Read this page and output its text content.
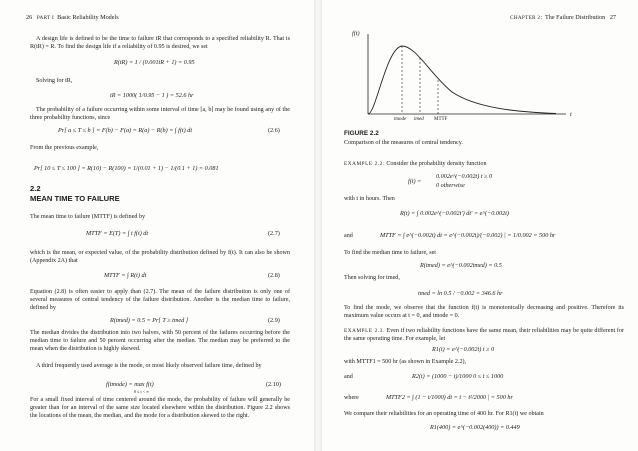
26 PART I Basic Reliability Models
A design life is defined to be the time to failure tR that corresponds to a specified reliability R. That is R(tR) = R. To find the design life if a reliability of 0.95 is desired, we set
R(tR) = 1 / (0.001tR + 1) = 0.95
Solving for tR,
tR = 1000( 1/0.95 − 1 ) = 52.6 hr
The probability of a failure occurring within some interval of time [a, b] may be found using any of the three probability functions, since
Pr[ a ≤ T ≤ b ] = F(b) − F(a) = R(a) − R(b) = ∫ f(t) dt	(2.6)
From the previous example,
Pr[ 10 ≤ T ≤ 100 ] = R(10) − R(100) = 1/(0.01 + 1) − 1/(0.1 + 1) = 0.081
2.2
MEAN TIME TO FAILURE
The mean time to failure (MTTF) is defined by
MTTF = E(T) = ∫ t f(t) dt	(2.7)
which is the mean, or expected value, of the probability distribution defined by f(t). It can also be shown (Appendix 2A) that
MTTF = ∫ R(t) dt	(2.8)
Equation (2.8) is often easier to apply than (2.7). The mean of the failure distribution is only one of several measures of central tendency of the failure distribution. Another is the median time to failure, defined by
R(tmed) = 0.5 = Pr[ T ≥ tmed ]	(2.9)
The median divides the distribution into two halves, with 50 percent of the failures occurring before the median time to failure and 50 percent occurring after the median. The median may be preferred to the mean when the distribution is highly skewed.
A third frequently used average is the mode, or most likely observed failure time, defined by
f(tmode) = max f(t)
0 ≤ t < ∞
(2.10)
For a small fixed interval of time centered around the mode, the probability of failure will generally be greater than for an interval of the same size located elsewhere within the distribution. Figure 2.2 shows the locations of the mean, the median, and the mode for a distribution skewed to the right.
CHAPTER 2:  The Failure Distribution 27
f(t)
t
tmode tmed MTTF
FIGURE 2.2
Comparison of the measures of central tendency.
EXAMPLE 2.2. Consider the probability density function
f(t) =
0.002e^(−0.002t) t ≥ 0
0 otherwise
with t in hours. Then
R(t) = ∫ 0.002e^(−0.002t′) dt′ = e^(−0.002t)
and	MTTF = ∫ e^(−0.002t) dt = e^(−0.002t)/(−0.002) | = 1/0.002 = 500 hr
To find the median time to failure, set
R(tmed) = e^(−0.002tmed) = 0.5
Then solving for tmed,
tmed = ln 0.5 / −0.002 = 346.6 hr
To find the mode, we observe that the function f(t) is monotonically decreasing and positive. Therefore its maximum value occurs at t = 0, and tmode = 0.
EXAMPLE 2.3. Even if two reliability functions have the same mean, their reliabilities may be quite different for the same operating time. For example, let
R1(t) = e^(−0.002t) t ≥ 0
with MTTF1 = 500 hr (as shown in Example 2.2),
and	R2(t) = (1000 − t)/1000 0 ≤ t ≤ 1000
where	MTTF2 = ∫ (1 − t/1000) dt = t − t²/2000 | = 500 hr
We compare their reliabilities for an operating time of 400 hr. For R1(t) we obtain
R1(400) = e^(−0.002(400)) = 0.449
